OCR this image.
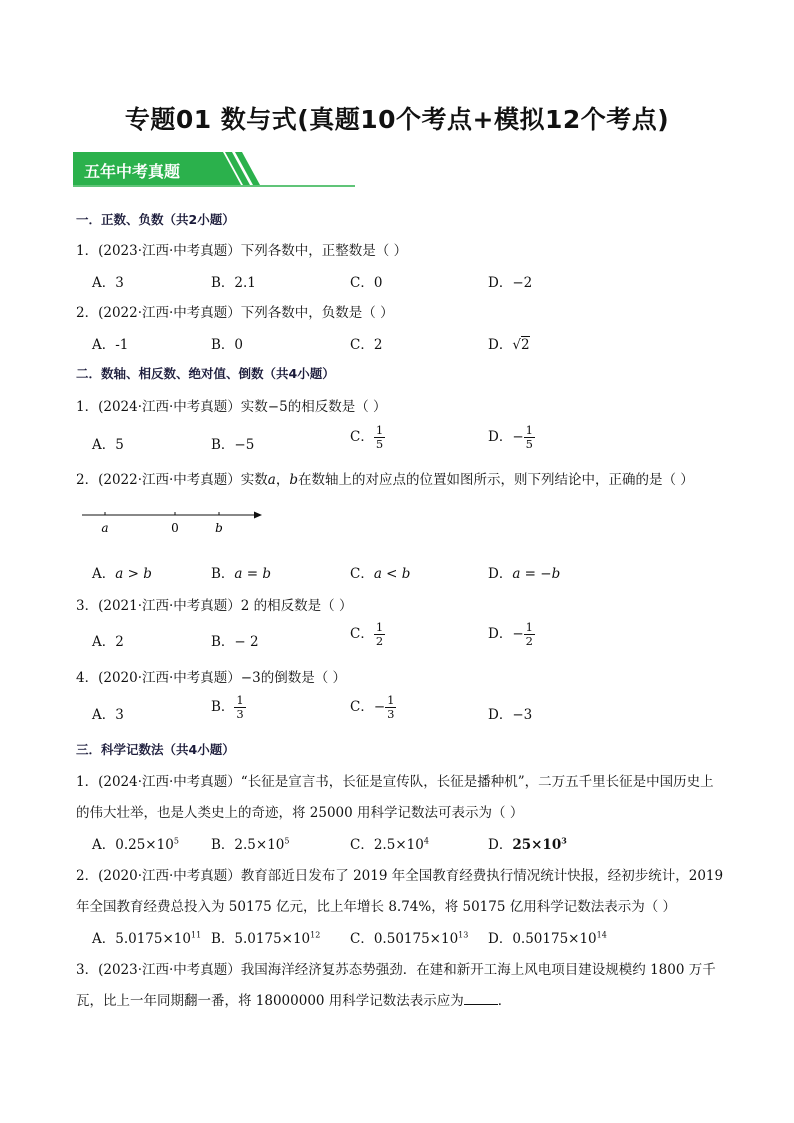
专题01 数与式(真题10个考点+模拟12个考点)
五年中考真题
一．正数、负数（共2小题）
1．(2023·江西·中考真题）下列各数中，正整数是（ ）
A．3	B．2.1	C．0	D．−2
2．(2022·江西·中考真题）下列各数中，负数是（ ）
A．-1	B．0	C．2	D．√2
二．数轴、相反数、绝对值、倒数（共4小题）
1．(2024·江西·中考真题）实数−5的相反数是（ ）
A．5	B．−5	C． $\frac{1}{5}$	D．− $\frac{1}{5}$
2．(2022·江西·中考真题）实数a，b在数轴上的对应点的位置如图所示，则下列结论中，正确的是（ ）
a	0	b
A．a > b	B．a = b	C．a < b	D．a = −b
3．(2021·江西·中考真题）2 的相反数是（ ）
A．2	B．− 2	C． $\frac{1}{2}$	D．− $\frac{1}{2}$
4．(2020·江西·中考真题）−3的倒数是（ ）
A．3	B． $\frac{1}{3}$	C．− $\frac{1}{3}$	D．−3
三．科学记数法（共4小题）
1．(2024·江西·中考真题）“长征是宣言书，长征是宣传队，长征是播种机”，二万五千里长征是中国历史上
的伟大壮举，也是人类史上的奇迹，将 25000 用科学记数法可表示为（ ）
A．$0.25\times 10^5$ B．$2.5\times 10^5$	C．$2.5\times 10^4$	D．$25\times 10^3$
2．(2020·江西·中考真题）教育部近日发布了 2019 年全国教育经费执行情况统计快报，经初步统计，2019
年全国教育经费总投入为 50175 亿元，比上年增长 8.74%，将 50175 亿用科学记数法表示为（ ）
A．$5.0175\times 10^{11}$ B．$5.0175\times 10^{12}$ C．$0.50175\times 10^{13}$ D．$0.50175\times 10^{14}$
3．(2023·江西·中考真题）我国海洋经济复苏态势强劲．在建和新开工海上风电项目建设规模约 1800 万千
瓦，比上一年同期翻一番，将 18000000 用科学记数法表示应为	．
